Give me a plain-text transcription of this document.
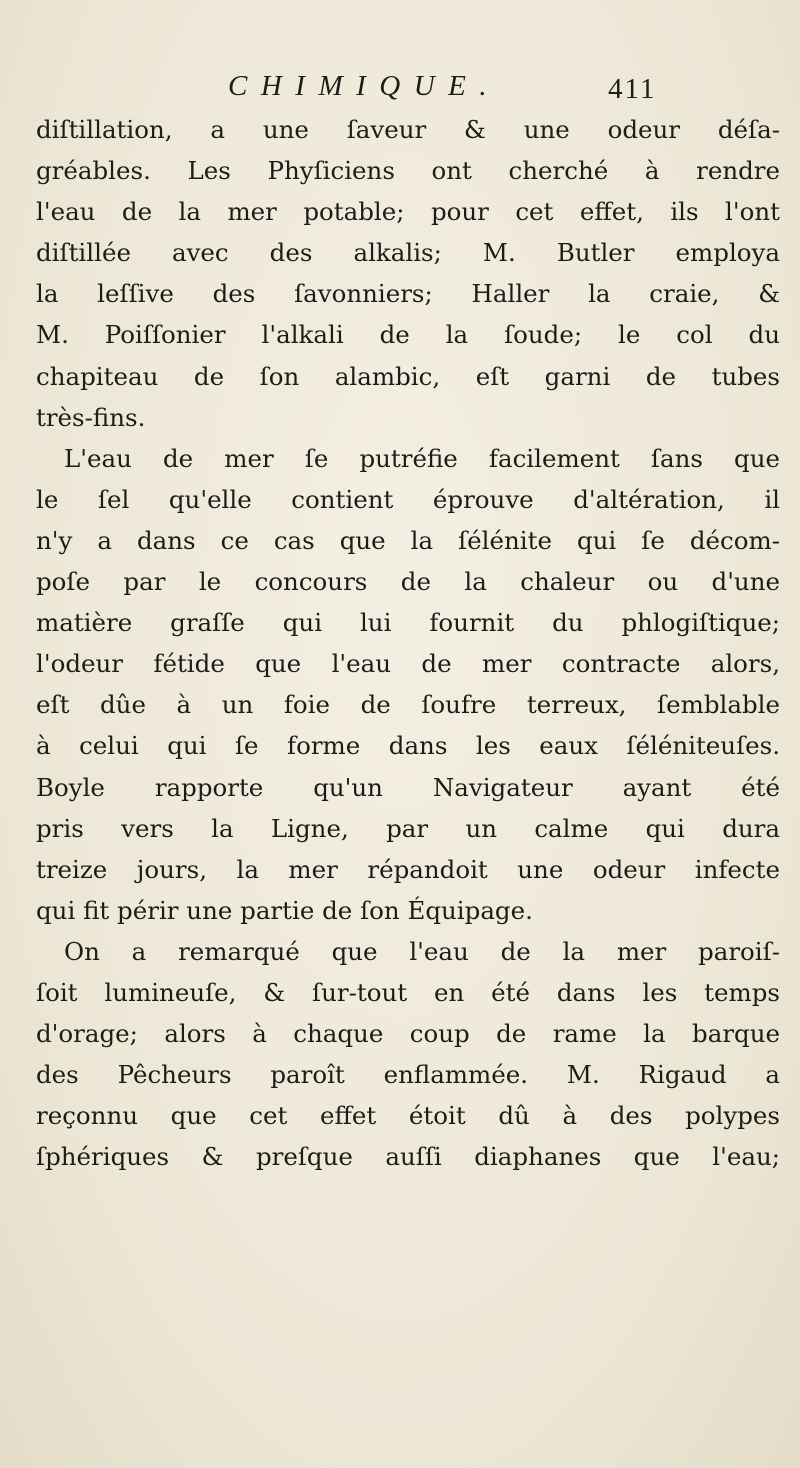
CHIMIQUE.	411
diſtillation, a une ſaveur & une odeur déſa-
gréables. Les Phyſiciens ont cherché à rendre
l'eau de la mer potable; pour cet effet, ils l'ont
diſtillée avec des alkalis; M. Butler employa
la leſſive des ſavonniers; Haller la craie, &
M. Poiſſonier l'alkali de la ſoude; le col du
chapiteau de ſon alambic, eſt garni de tubes
très-fins.
L'eau de mer ſe putréfie facilement ſans que
le ſel qu'elle contient éprouve d'altération, il
n'y a dans ce cas que la ſélénite qui ſe décom-
poſe par le concours de la chaleur ou d'une
matière graſſe qui lui fournit du phlogiſtique;
l'odeur fétide que l'eau de mer contracte alors,
eſt dûe à un foie de ſoufre terreux, ſemblable
à celui qui ſe forme dans les eaux ſéléniteuſes.
Boyle rapporte qu'un Navigateur ayant été
pris vers la Ligne, par un calme qui dura
treize jours, la mer répandoit une odeur infecte
qui fit périr une partie de ſon Équipage.
On a remarqué que l'eau de la mer paroiſ-
ſoit lumineuſe, & ſur-tout en été dans les temps
d'orage; alors à chaque coup de rame la barque
des Pêcheurs paroît enflammée. M. Rigaud a
reçonnu que cet effet étoit dû à des polypes
ſphériques & preſque auſſi diaphanes que l'eau;
